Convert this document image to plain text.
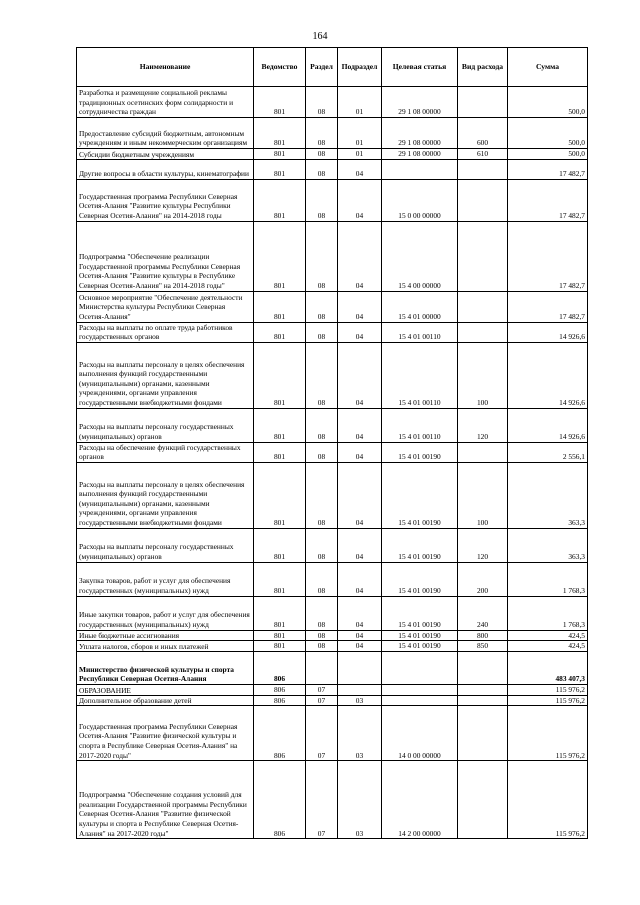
164
Наименование	Ведомство	Раздел	Подраздел	Целевая статья	Вид расхода	Сумма

Разработка и размещение социальной рекламы традиционных осетинских форм солидарности и сотрудничества граждан	801	08	01	29 1 08 00000		500,0

Предоставление субсидий бюджетным, автономным учреждениям и иным некоммерческим организациям	801	08	01	29 1 08 00000	600	500,0

Субсидии бюджетным учреждениям	801	08	01	29 1 08 00000	610	500,0

Другие вопросы в области культуры, кинематографии	801	08	04			17 482,7

Государственная программа Республики Северная Осетия-Алания "Развитие культуры Республики Северная Осетия-Алания" на 2014-2018 годы	801	08	04	15 0 00 00000		17 482,7

Подпрограмма "Обеспечение реализации Государственной программы Республики Северная Осетия-Алания "Развитие культуры в Республике Северная Осетия-Алания" на 2014-2018 годы"	801	08	04	15 4 00 00000		17 482,7

Основное мероприятие "Обеспечение деятельности Министерства культуры Республики Северная Осетия-Алания"	801	08	04	15 4 01 00000		17 482,7

Расходы на выплаты по оплате труда работников государственных органов	801	08	04	15 4 01 00110		14 926,6

Расходы на выплаты персоналу в целях обеспечения выполнения функций государственными (муниципальными) органами, казенными учреждениями, органами управления государственными внебюджетными фондами	801	08	04	15 4 01 00110	100	14 926,6

Расходы на выплаты персоналу государственных (муниципальных) органов	801	08	04	15 4 01 00110	120	14 926,6

Расходы на обеспечение функций государственных органов	801	08	04	15 4 01 00190		2 556,1

Расходы на выплаты персоналу в целях обеспечения выполнения функций государственными (муниципальными) органами, казенными учреждениями, органами управления государственными внебюджетными фондами	801	08	04	15 4 01 00190	100	363,3

Расходы на выплаты персоналу государственных (муниципальных) органов	801	08	04	15 4 01 00190	120	363,3

Закупка товаров, работ и услуг для обеспечения государственных (муниципальных) нужд	801	08	04	15 4 01 00190	200	1 768,3

Иные закупки товаров, работ и услуг для обеспечения государственных (муниципальных) нужд	801	08	04	15 4 01 00190	240	1 768,3

Иные бюджетные ассигнования	801	08	04	15 4 01 00190	800	424,5

Уплата налогов, сборов и иных платежей	801	08	04	15 4 01 00190	850	424,5

Министерство физической культуры и спорта Республики Северная Осетия-Алания	806					483 407,3

ОБРАЗОВАНИЕ	806	07				115 976,2

Дополнительное образование детей	806	07	03			115 976,2

Государственная программа Республики Северная Осетия-Алания "Развитие физической культуры и спорта в Республике Северная Осетия-Алания" на 2017-2020 годы"	806	07	03	14 0 00 00000		115 976,2

Подпрограмма "Обеспечение создания условий для реализации Государственной программы Республики Северная Осетия-Алания "Развитие физической культуры и спорта в Республике Северная Осетия-Алания" на 2017-2020 годы"	806	07	03	14 2 00 00000		115 976,2
